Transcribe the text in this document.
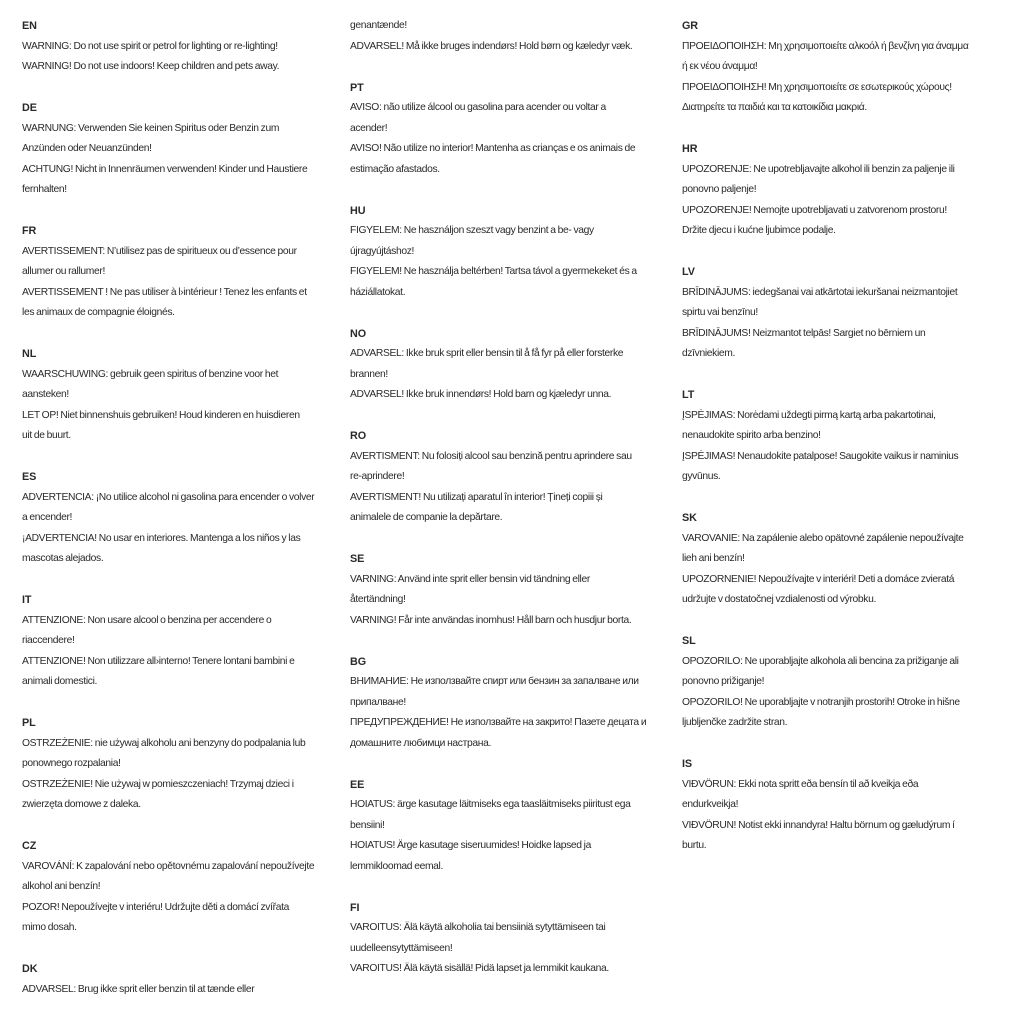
EN
WARNING: Do not use spirit or petrol for lighting or re-lighting!
WARNING! Do not use indoors! Keep children and pets away.
DE
WARNUNG: Verwenden Sie keinen Spiritus oder Benzin zum
Anzünden oder Neuanzünden!
ACHTUNG! Nicht in Innenräumen verwenden! Kinder und Haustiere
fernhalten!
FR
AVERTISSEMENT: N’utilisez pas de spiritueux ou d’essence pour
allumer ou rallumer!
AVERTISSEMENT ! Ne pas utiliser à l›intérieur ! Tenez les enfants et
les animaux de compagnie éloignés.
NL
WAARSCHUWING: gebruik geen spiritus of benzine voor het
aansteken!
LET OP! Niet binnenshuis gebruiken! Houd kinderen en huisdieren
uit de buurt.
ES
ADVERTENCIA: ¡No utilice alcohol ni gasolina para encender o volver
a encender!
¡ADVERTENCIA! No usar en interiores. Mantenga a los niños y las
mascotas alejados.
IT
ATTENZIONE: Non usare alcool o benzina per accendere o
riaccendere!
ATTENZIONE! Non utilizzare all›interno! Tenere lontani bambini e
animali domestici.
PL
OSTRZEŻENIE: nie używaj alkoholu ani benzyny do podpalania lub
ponownego rozpalania!
OSTRZEŻENIE! Nie używaj w pomieszczeniach! Trzymaj dzieci i
zwierzęta domowe z daleka.
CZ
VAROVÁNÍ: K zapalování nebo opětovnému zapalování nepoužívejte
alkohol ani benzín!
POZOR! Nepoužívejte v interiéru! Udržujte děti a domácí zvířata
mimo dosah.
DK
ADVARSEL: Brug ikke sprit eller benzin til at tænde eller
genantænde!
ADVARSEL! Må ikke bruges indendørs! Hold børn og kæledyr væk.
PT
AVISO: não utilize álcool ou gasolina para acender ou voltar a
acender!
AVISO! Não utilize no interior! Mantenha as crianças e os animais de
estimação afastados.
HU
FIGYELEM: Ne használjon szeszt vagy benzint a be- vagy
újragyújtáshoz!
FIGYELEM! Ne használja beltérben! Tartsa távol a gyermekeket és a
háziállatokat.
NO
ADVARSEL: Ikke bruk sprit eller bensin til å få fyr på eller forsterke
brannen!
ADVARSEL! Ikke bruk innendørs! Hold barn og kjæledyr unna.
RO
AVERTISMENT: Nu folosiți alcool sau benzină pentru aprindere sau
re-aprindere!
AVERTISMENT! Nu utilizați aparatul în interior! Țineți copiii și
animalele de companie la depărtare.
SE
VARNING: Använd inte sprit eller bensin vid tändning eller
återtändning!
VARNING! Får inte användas inomhus! Håll barn och husdjur borta.
BG
ВНИМАНИЕ: Не използвайте спирт или бензин за запалване или
припалване!
ПРЕДУПРЕЖДЕНИЕ! Не използвайте на закрито! Пазете децата и
домашните любимци настрана.
EE
HOIATUS: ärge kasutage läitmiseks ega taasläitmiseks piiritust ega
bensiini!
HOIATUS! Ärge kasutage siseruumides! Hoidke lapsed ja
lemmikloomad eemal.
FI
VAROITUS: Älä käytä alkoholia tai bensiiniä sytyttämiseen tai
uudelleensytyttämiseen!
VAROITUS! Älä käytä sisällä! Pidä lapset ja lemmikit kaukana.
GR
ΠΡΟΕΙΔΟΠΟΙΗΣΗ: Μη χρησιμοποιείτε αλκοόλ ή βενζίνη για άναμμα
ή εκ νέου άναμμα!
ΠΡΟΕΙΔΟΠΟΙΗΣΗ! Μη χρησιμοποιείτε σε εσωτερικούς χώρους!
Διατηρείτε τα παιδιά και τα κατοικίδια μακριά.
HR
UPOZORENJE: Ne upotrebljavajte alkohol ili benzin za paljenje ili
ponovno paljenje!
UPOZORENJE! Nemojte upotrebljavati u zatvorenom prostoru!
Držite djecu i kućne ljubimce podalje.
LV
BRĪDINĀJUMS: iedegšanai vai atkārtotai iekuršanai neizmantojiet
spirtu vai benzīnu!
BRĪDINĀJUMS! Neizmantot telpās! Sargiet no bērniem un
dzīvniekiem.
LT
ĮSPĖJIMAS: Norėdami uždegti pirmą kartą arba pakartotinai,
nenaudokite spirito arba benzino!
ĮSPĖJIMAS! Nenaudokite patalpose! Saugokite vaikus ir naminius
gyvūnus.
SK
VAROVANIE: Na zapálenie alebo opätovné zapálenie nepoužívajte
lieh ani benzín!
UPOZORNENIE! Nepoužívajte v interiéri! Deti a domáce zvieratá
udržujte v dostatočnej vzdialenosti od výrobku.
SL
OPOZORILO: Ne uporabljajte alkohola ali bencina za prižiganje ali
ponovno prižiganje!
OPOZORILO! Ne uporabljajte v notranjih prostorih! Otroke in hišne
ljubljenčke zadržite stran.
IS
VIÐVÖRUN: Ekki nota spritt eða bensín til að kveikja eða
endurkveikja!
VIÐVÖRUN! Notist ekki innandyra! Haltu börnum og gæludýrum í
burtu.
